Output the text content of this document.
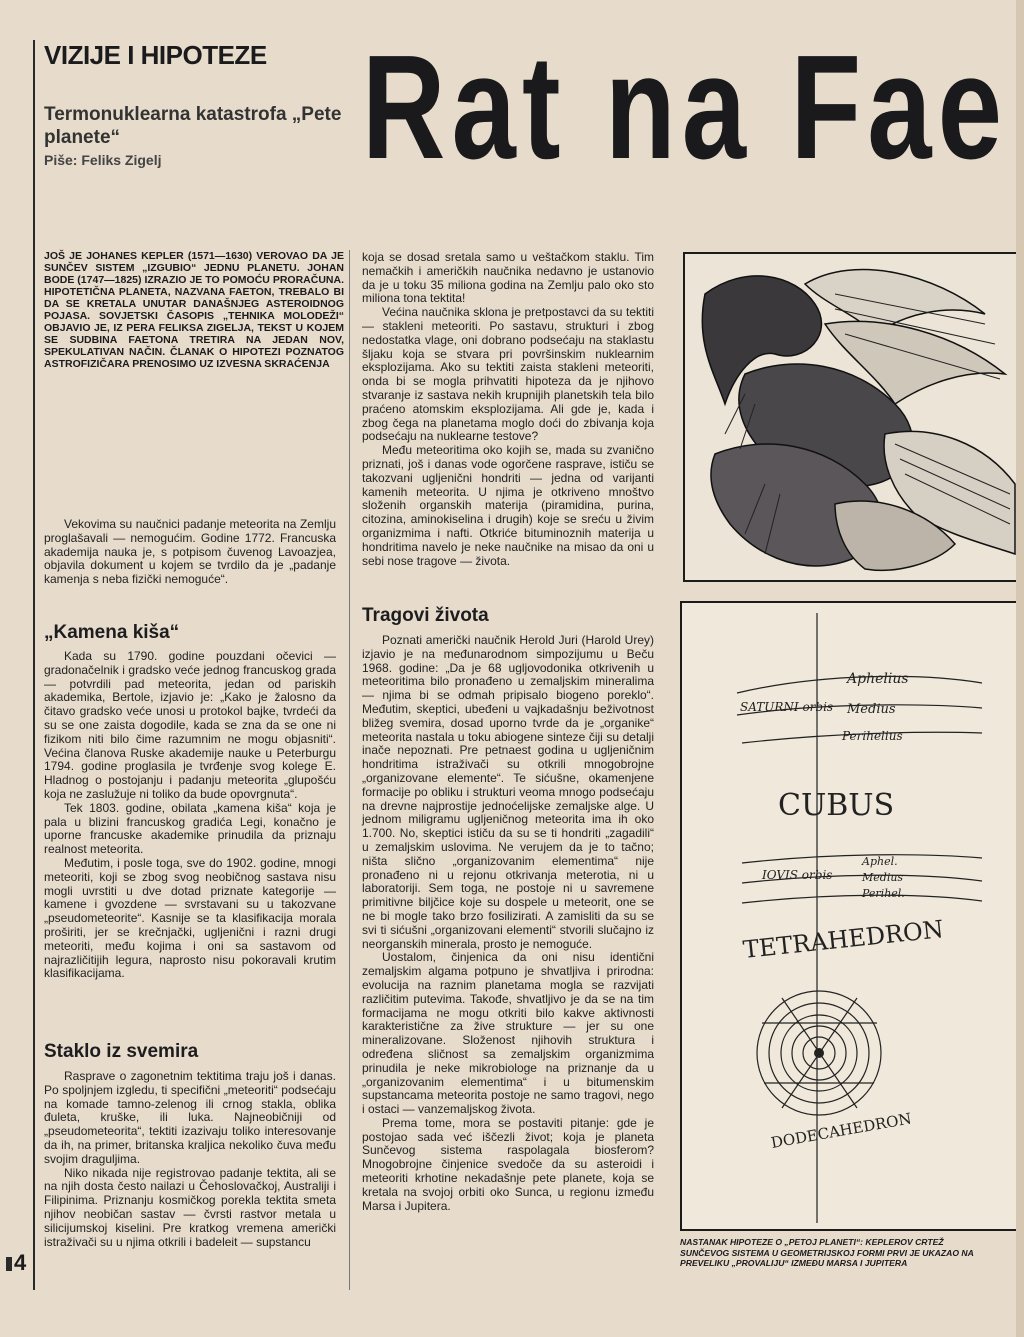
VIZIJE I HIPOTEZE
Termonuklearna katastrofa „Pete planete“
Piše: Feliks Zigelj Rat na Fae
JOŠ JE JOHANES KEPLER (1571—1630) VEROVAO DA JE SUNČEV SISTEM „IZGUBIO“ JEDNU PLANETU. JOHAN BODE (1747—1825) IZRAZIO JE TO POMOĆU PRORAČUNA. HIPOTETIČNA PLANETA, NAZVANA FAETON, TREBALO BI DA SE KRETALA UNUTAR DANAŠNJEG ASTEROIDNOG POJASA. SOVJETSKI ČASOPIS „TEHNIKA MOLODEŽI“ OBJAVIO JE, IZ PERA FELIKSA ZIGELJA, TEKST U KOJEM SE SUDBINA FAETONA TRETIRA NA JEDAN NOV, SPEKULATIVAN NAČIN. ČLANAK O HIPOTEZI POZNATOG ASTROFIZIČARA PRENOSIMO UZ IZVESNA SKRAĆENJA

Vekovima su naučnici padanje meteorita na Zemlju proglašavali — nemogućim. Godine 1772. Francuska akademija nauka je, s potpisom čuvenog Lavoazjea, objavila dokument u kojem se tvrdilo da je „padanje kamenja s neba fizički nemoguće“.

„Kamena kiša“

Kada su 1790. godine pouzdani očevici — gradonačelnik i gradsko veće jednog francuskog grada — potvrdili pad meteorita, jedan od pariskih akademika, Bertole, izjavio je: „Kako je žalosno da čitavo gradsko veće unosi u protokol bajke, tvrdeći da su se one zaista dogodile, kada se zna da se one ni fizikom niti bilo čime razumnim ne mogu objasniti“. Većina članova Ruske akademije nauke u Peterburgu 1794. godine proglasila je tvrđenje svog kolege E. Hladnog o postojanju i padanju meteorita „glupošću koja ne zaslužuje ni toliko da bude opovrgnuta“.

Tek 1803. godine, obilata „kamena kiša“ koja je pala u blizini francuskog gradića Legi, konačno je uporne francuske akademike prinudila da priznaju realnost meteorita.

Međutim, i posle toga, sve do 1902. godine, mnogi meteoriti, koji se zbog svog neobičnog sastava nisu mogli uvrstiti u dve dotad priznate kategorije — kamene i gvozdene — svrstavani su u takozvane „pseudometeorite“. Kasnije se ta klasifikacija morala proširiti, jer se krečnjački, ugljenični i razni drugi meteoriti, među kojima i oni sa sastavom od najrazličitijih legura, naprosto nisu pokoravali krutim klasifikacijama.

Staklo iz svemira

Rasprave o zagonetnim tektitima traju još i danas. Po spoljnjem izgledu, ti specifični „meteoriti“ podsećaju na komade tamno-zelenog ili crnog stakla, oblika đuleta, kruške, ili luka. Najneobičniji od „pseudometeorita“, tektiti izazivaju toliko interesovanje da ih, na primer, britanska kraljica nekoliko čuva među svojim draguljima.

Niko nikada nije registrovao padanje tektita, ali se na njih dosta često nailazi u Čehoslovačkoj, Australiji i Filipinima. Priznanju kosmičkog porekla tektita smeta njihov neobičan sastav — čvrsti rastvor metala u silicijumskoj kiselini. Pre kratkog vremena američki istraživači su u njima otkrili i badeleit — supstancu

koja se dosad sretala samo u veštačkom staklu. Tim nemačkih i američkih naučnika nedavno je ustanovio da je u toku 35 miliona godina na Zemlju palo oko sto miliona tona tektita!

Većina naučnika sklona je pretpostavci da su tektiti — stakleni meteoriti. Po sastavu, strukturi i zbog nedostatka vlage, oni dobrano podsećaju na staklastu šljaku koja se stvara pri površinskim nuklearnim eksplozijama. Ako su tektiti zaista stakleni meteoriti, onda bi se mogla prihvatiti hipoteza da je njihovo stvaranje iz sastava nekih krupnijih planetskih tela bilo praćeno atomskim eksplozijama. Ali gde je, kada i zbog čega na planetama moglo doći do zbivanja koja podsećaju na nuklearne testove?

Među meteoritima oko kojih se, mada su zvanično priznati, još i danas vode ogorčene rasprave, ističu se takozvani ugljenični hondriti — jedna od varijanti kamenih meteorita. U njima je otkriveno mnoštvo složenih organskih materija (piramidina, purina, citozina, aminokiselina i drugih) koje se sreću u živim organizmima i nafti. Otkriće bituminoznih materija u hondritima navelo je neke naučnike na misao da oni u sebi nose tragove — života.

Tragovi života

Poznati američki naučnik Herold Juri (Harold Urey) izjavio je na međunarodnom simpozijumu u Beču 1968. godine: „Da je 68 ugljovodonika otkrivenih u meteoritima bilo pronađeno u zemaljskim mineralima — njima bi se odmah pripisalo biogeno poreklo“. Međutim, skeptici, ubeđeni u vajkadašnju beživotnost bližeg svemira, dosad uporno tvrde da je „organike“ meteorita nastala u toku abiogene sinteze čiji su detalji inače nepoznati. Pre petnaest godina u ugljeničnim hondritima istraživači su otkrili mnogobrojne „organizovane elemente“. Te sićušne, okamenjene formacije po obliku i strukturi veoma mnogo podsećaju na drevne najprostije jednoćelijske zemaljske alge. U jednom miligramu ugljeničnog meteorita ima ih oko 1.700. No, skeptici ističu da su se ti hondriti „zagadili“ u zemaljskim uslovima. Ne verujem da je to tačno; ništa slično „organizovanim elementima“ nije pronađeno ni u rejonu otkrivanja meterotia, ni u laboratoriji. Sem toga, ne postoje ni u savremene primitivne biljčice koje su dospele u meteorit, one se ne bi mogle tako brzo fosilizirati. A zamisliti da su se svi ti sićušni „organizovani elementi“ stvorili slučajno iz neorganskih minerala, prosto je nemoguće.

Uostalom, činjenica da oni nisu identični zemaljskim algama potpuno je shvatljiva i prirodna: evolucija na raznim planetama mogla se razvijati različitim putevima. Takođe, shvatljivo je da se na tim formacijama ne mogu otkriti bilo kakve aktivnosti karakteristične za žive strukture — jer su one mineralizovane. Složenost njihovih struktura i određena sličnost sa zemaljskim organizmima prinudila je neke mikrobiologe na priznanje da u „organizovanim elementima“ i u bitumenskim supstancama meteorita postoje ne samo tragovi, nego i ostaci — vanzemaljskog života.

Prema tome, mora se postaviti pitanje: gde je postojao sada već iščezli život; koja je planeta Sunčevog sistema raspolagala biosferom? Mnogobrojne činjenice svedoče da su asteroidi i meteoriti krhotine nekadašnje pete planete, koja se kretala na svojoj orbiti oko Sunca, u regionu između Marsa i Jupitera.

Aphelius
SATURNI orbis Medius
Perihelius
CUBUS
IOVIS orbis
Aphel.
Medius
Perihel.
TETRAHEDRON
DODECAHEDRON
NASTANAK HIPOTEZE O „PETOJ PLANETI“: KEPLEROV CRTEŽ SUNČEVOG SISTEMA U GEOMETRIJSKOJ FORMI PRVI JE UKAZAO NA PREVELIKU „PROVALIJU“ IZMEĐU MARSA I JUPITERA
4
